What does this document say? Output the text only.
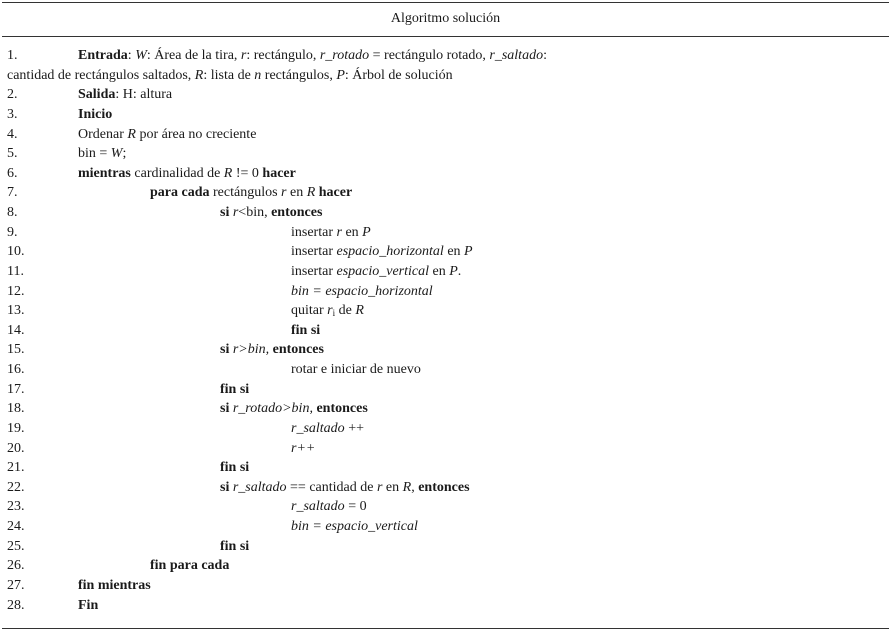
Algoritmo solución
1.	Entrada: W: Área de la tira, r: rectángulo, r_rotado = rectángulo rotado, r_saltado:
cantidad de rectángulos saltados, R: lista de n rectángulos, P: Árbol de solución
2.	Salida: H: altura
3.	Inicio
4.	Ordenar R por área no creciente
5.	bin = W;
6.	mientras cardinalidad de R != 0 hacer
7.	para cada rectángulos r en R hacer
8.	si r<bin, entonces
9.	insertar r en P
10.	insertar espacio_horizontal en P
11.	insertar espacio_vertical en P.
12.	bin = espacio_horizontal
13.	quitar $r_i$ de R
14.	fin si
15.	si r>bin, entonces
16.	rotar e iniciar de nuevo
17.	fin si
18.	si r_rotado>bin, entonces
19.	r_saltado ++
20.	r++
21.	fin si
22.	si r_saltado == cantidad de r en R, entonces
23.	r_saltado = 0
24.	bin = espacio_vertical
25.	fin si
26.	fin para cada
27.	fin mientras
28.	Fin
